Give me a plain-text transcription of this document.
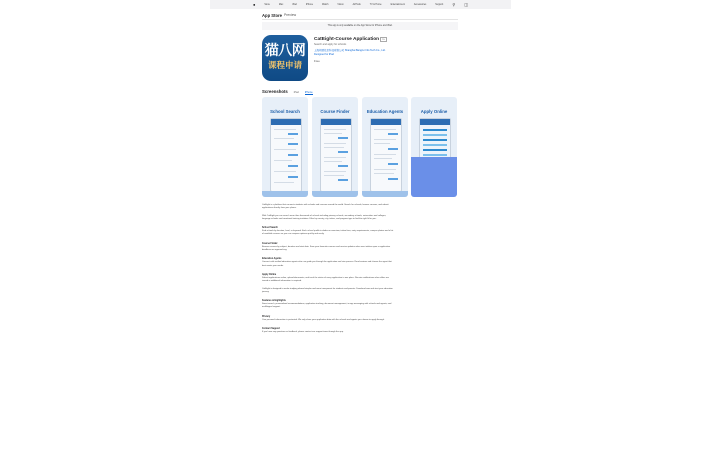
●	Store	Mac	iPad	iPhone	Watch	Vision	AirPods	TV & Home	Entertainment	Accessories	Support ⚲ ◫
App Store Preview
This app is only available on the App Store for iPhone and iPad.
猫八网
课程申请
CatEight-Course Application 4+
Search and apply for schools
上海邦瑞信息科技有限公司 Shanghai Bangrui Info Tech Co., Ltd.
Designed for iPad
Free
Screenshots iPad iPhone
School Search	Course Finder	Education Agents	Apply Online
CatEight is a platform that connects students with schools and courses around the world. Search for schools, browse courses, and submit applications directly from your phone.
With CatEight you can search more than thousands of schools including primary schools, secondary schools, universities and colleges, language schools and vocational training institutes. Filter by country, city, tuition, and program type to find the right fit for you.
School Search
Find schools by location, level, or keyword. Each school profile includes an overview, tuition fees, entry requirements, campus photos and a list of available courses so you can compare options quickly and easily.
Course Finder
Browse courses by subject, duration and start date. Save your favourite courses and receive updates when new intakes open or application deadlines are approaching.
Education Agents
Connect with verified education agents who can guide you through the application and visa process. Read reviews and choose the agent that best meets your needs.
Apply Online
Submit applications online, upload documents, and track the status of every application in one place. Receive notifications when offers are issued or additional information is required.
CatEight is designed to make studying abroad simpler and more transparent for students and parents. Download now and start your education journey.
Features & Highlights
Smart search, personalised recommendations, application tracking, document management, in-app messaging with schools and agents, and multilingual support.
Privacy
Your personal information is protected. We only share your application data with the schools and agents you choose to apply through.
Contact Support
If you have any questions or feedback, please contact our support team through the app.
